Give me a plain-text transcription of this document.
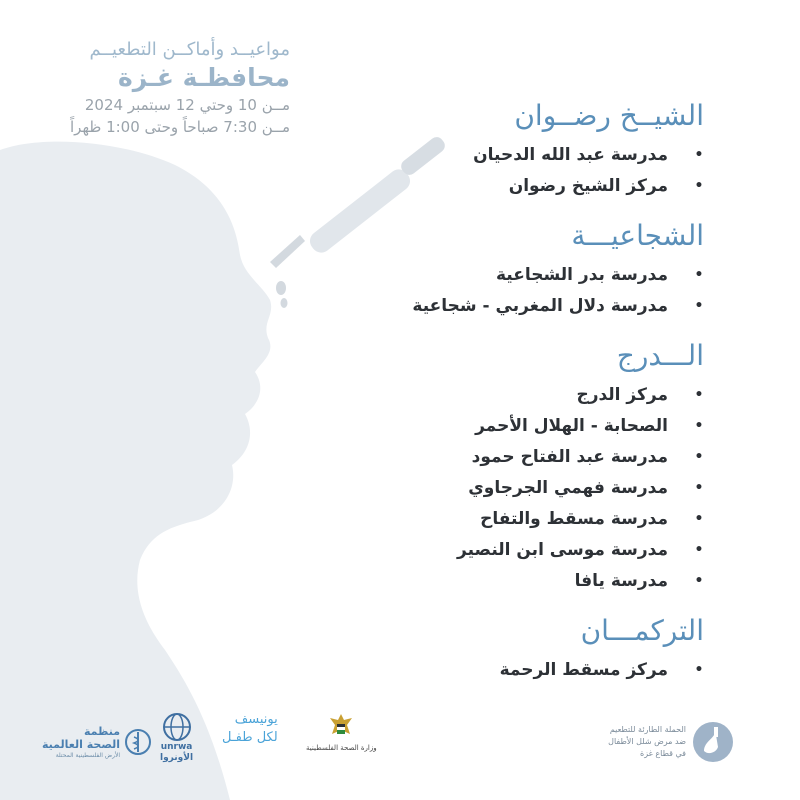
مواعيــد وأماكــن التطعيــم
محافظـة غـزة
مــن 10 وحتي 12 سبتمبر 2024
مــن 7:30 صباحاً وحتى 1:00 ظهراً	الشيــخ رضــوان
•
مدرسة عبد الله الدحيان
•
مركز الشيخ رضوان
الشجاعيـــة
•
مدرسة بدر الشجاعية
•
مدرسة دلال المغربي - شجاعية
الـــدرج
•
مركز الدرج
•
الصحابة - الهلال الأحمر
•
مدرسة عبد الفتاح حمود
•
مدرسة فهمي الجرجاوي
•
مدرسة مسقط والتفاح
•
مدرسة موسى ابن النصير
•
مدرسة يافا
التركمـــان
•
مركز مسقط الرحمة
منظمة
الصحة العالمية
الأرض الفلسطينية المحتلة
unrwa
الأونروا
يونيسف
لكل طفـل
وزارة الصحة الفلسطينية
الحملة الطارئة للتطعيم
ضد مرض شلل الأطفال
في قطاع غزة
